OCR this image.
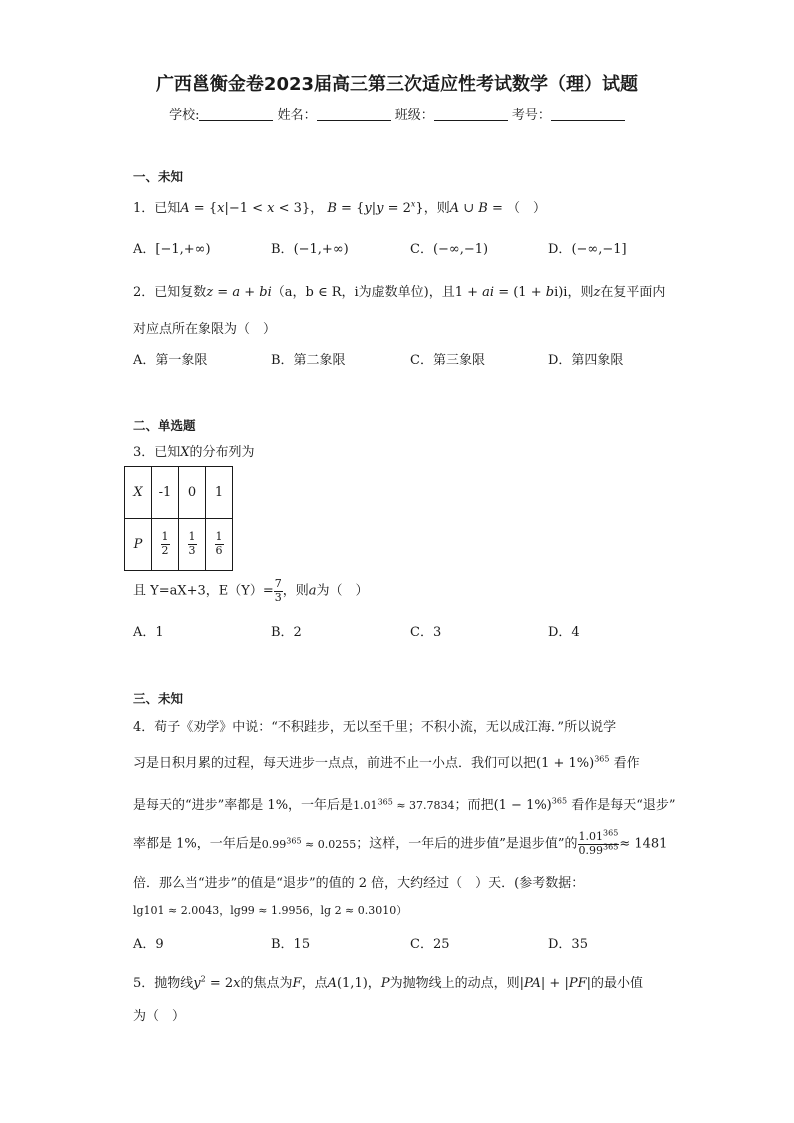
广西邕衡金卷2023届高三第三次适应性考试数学（理）试题
学校:	姓名：	班级：	考号：
一、未知
1．已知A = {x|−1 < x < 3}， $B = \{y|y = 2^x\}$，则A ∪ B = （　）
A．[−1,+∞)	B．(−1,+∞)	C．(−∞,−1)	D．(−∞,−1]
2．已知复数z = a + bi（a，b ∈ R，i为虚数单位)，且1 + ai = (1 + bi)i，则z在复平面内
对应点所在象限为（　）
A．第一象限	B．第二象限	C．第三象限	D．第四象限
二、单选题
3．已知X的分布列为
X	-1	0	1
P	$\frac{1}{2}$	$\frac{1}{3}$	$\frac{1}{6}$
且 Y=aX+3，$E(Y)= \frac{7}{3}$ ，则a为（　）
A．1	B．2	C．3	D．4
三、未知
4．荀子《劝学》中说：“不积跬步，无以至千里；不积小流，无以成江海．”所以说学
习是日积月累的过程，每天进步一点点，前进不止一小点．我们可以把$(1 + 1\%)^{365}$ 看作
是每天的“进步”率都是 1%，一年后是$1.01^{365} \approx 37.7834$；而把$(1 - 1\%)^{365}$ 看作是每天“退步”
率都是 1%，一年后是$0.99^{365} \approx 0.0255$；这样，一年后的进步值”是退步值”的 $\frac{1.01^{365}}{0.99^{365}} \approx 1481$
倍．那么当“进步”的值是“退步”的值的 2 倍，大约经过（　）天．(参考数据：
lg101 ≈ 2.0043，lg99 ≈ 1.9956，lg 2 ≈ 0.3010）
A．9	B．15	C．25	D．35
5．抛物线$y^2 = 2x$的焦点为F，点A(1,1)，P为抛物线上的动点，则|PA| + |PF|的最小值
为（　）
